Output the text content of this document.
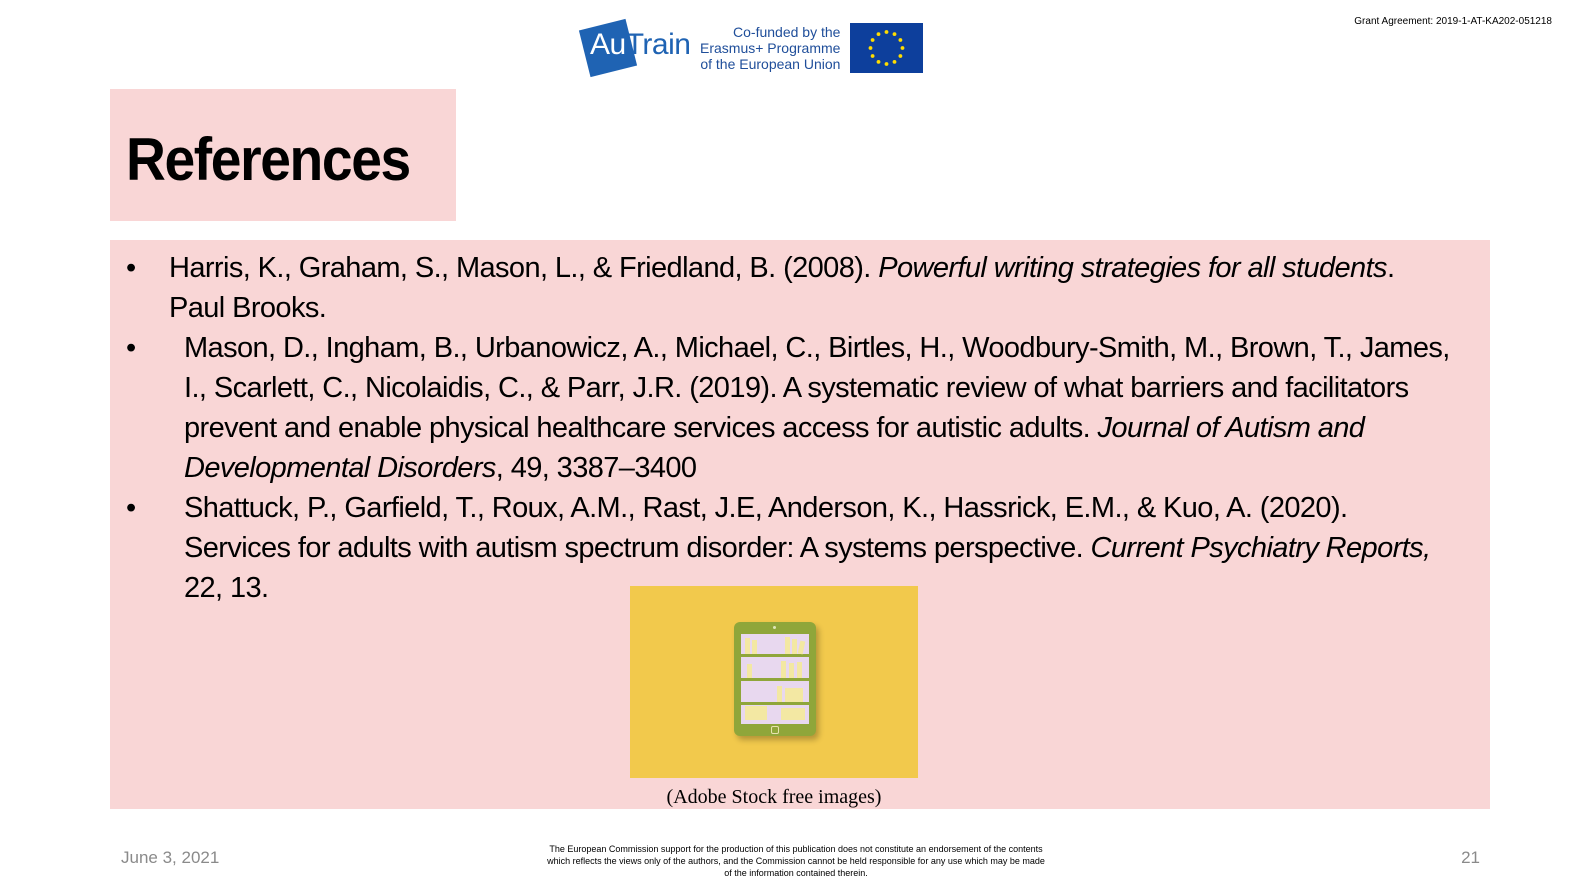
Grant Agreement: 2019-1-AT-KA202-051218
AuTrain	Co-funded by the
Erasmus+ Programme
of the European Union
References
•	Harris, K., Graham, S., Mason, L., & Friedland, B. (2008). Powerful writing strategies for all students. Paul Brooks.
•	Mason, D., Ingham, B., Urbanowicz, A., Michael, C., Birtles, H., Woodbury-Smith, M., Brown, T., James, I., Scarlett, C., Nicolaidis, C., & Parr, J.R. (2019). A systematic review of what barriers and facilitators prevent and enable physical healthcare services access for autistic adults. Journal of Autism and Developmental Disorders, 49, 3387–3400
•	Shattuck, P., Garfield, T., Roux, A.M., Rast, J.E, Anderson, K., Hassrick, E.M., & Kuo, A. (2020). Services for adults with autism spectrum disorder: A systems perspective. Current Psychiatry Reports, 22, 13.
(Adobe Stock free images)
June 3, 2021	The European Commission support for the production of this publication does not constitute an endorsement of the contents
which reflects the views only of the authors, and the Commission cannot be held responsible for any use which may be made
of the information contained therein.
21
